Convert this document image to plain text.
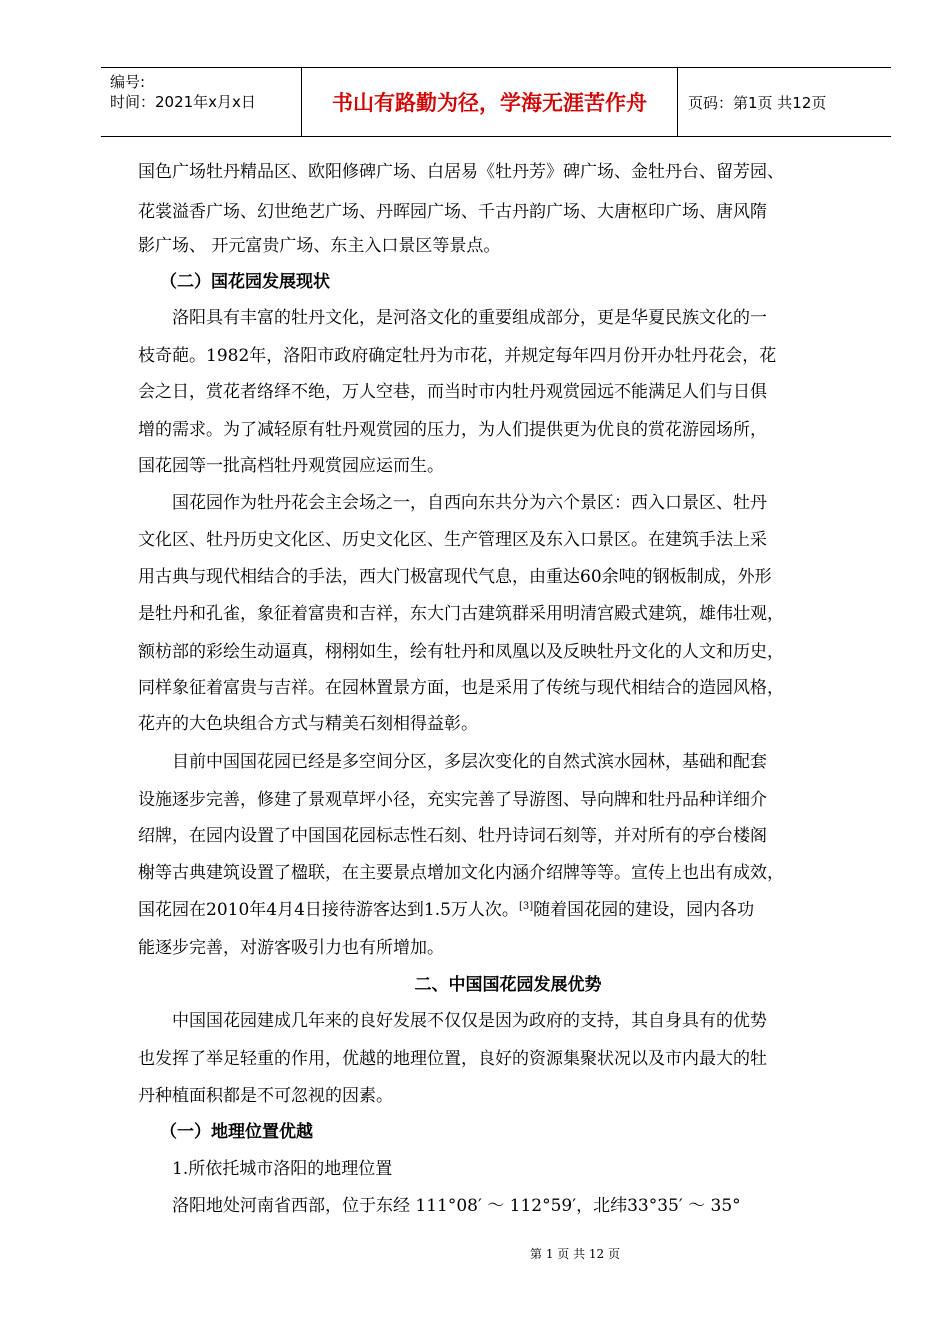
编号:
时间：2021年x月x日	书山有路勤为径，学海无涯苦作舟	页码：第1页 共12页
国色广场牡丹精品区、欧阳修碑广场、白居易《牡丹芳》碑广场、金牡丹台、留芳园、
花裳溢香广场、幻世绝艺广场、丹晖园广场、千古丹韵广场、大唐枢印广场、唐风隋
影广场、 开元富贵广场、东主入口景区等景点。
（二）国花园发展现状
洛阳具有丰富的牡丹文化，是河洛文化的重要组成部分，更是华夏民族文化的一
枝奇葩。1982年，洛阳市政府确定牡丹为市花，并规定每年四月份开办牡丹花会，花
会之日，赏花者络绎不绝，万人空巷，而当时市内牡丹观赏园远不能满足人们与日俱
增的需求。为了减轻原有牡丹观赏园的压力，为人们提供更为优良的赏花游园场所，
国花园等一批高档牡丹观赏园应运而生。
国花园作为牡丹花会主会场之一，自西向东共分为六个景区：西入口景区、牡丹
文化区、牡丹历史文化区、历史文化区、生产管理区及东入口景区。在建筑手法上采
用古典与现代相结合的手法，西大门极富现代气息，由重达60余吨的钢板制成，外形
是牡丹和孔雀，象征着富贵和吉祥，东大门古建筑群采用明清宫殿式建筑，雄伟壮观，
额枋部的彩绘生动逼真，栩栩如生，绘有牡丹和凤凰以及反映牡丹文化的人文和历史，
同样象征着富贵与吉祥。在园林置景方面，也是采用了传统与现代相结合的造园风格，
花卉的大色块组合方式与精美石刻相得益彰。
目前中国国花园已经是多空间分区，多层次变化的自然式滨水园林，基础和配套
设施逐步完善，修建了景观草坪小径，充实完善了导游图、导向牌和牡丹品种详细介
绍牌，在园内设置了中国国花园标志性石刻、牡丹诗词石刻等，并对所有的亭台楼阁
榭等古典建筑设置了楹联，在主要景点增加文化内涵介绍牌等等。宣传上也出有成效，
国花园在2010年4月4日接待游客达到1.5万人次。[3]随着国花园的建设，园内各功
能逐步完善，对游客吸引力也有所增加。
二、中国国花园发展优势
中国国花园建成几年来的良好发展不仅仅是因为政府的支持，其自身具有的优势
也发挥了举足轻重的作用，优越的地理位置，良好的资源集聚状况以及市内最大的牡
丹种植面积都是不可忽视的因素。
（一）地理位置优越
1.所依托城市洛阳的地理位置
洛阳地处河南省西部，位于东经 111°08′ ～ 112°59′，北纬33°35′ ～ 35°
第 1 页 共 12 页
